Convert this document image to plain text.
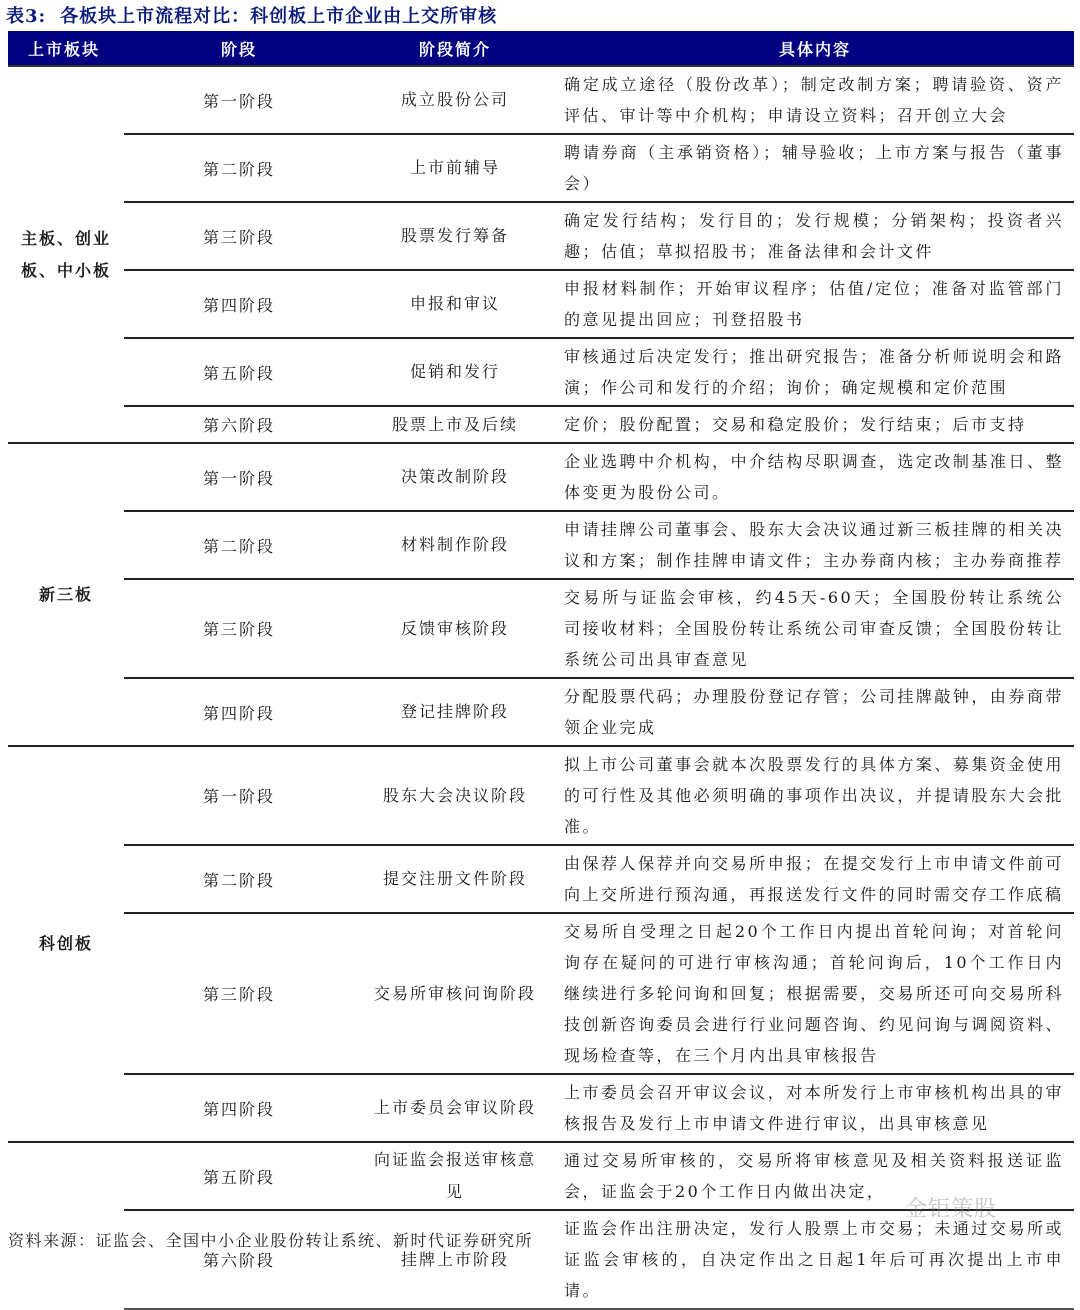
表3: 各板块上市流程对比：科创板上市企业由上交所审核
上市板块	阶段	阶段简介	具体内容
主板、创业板、中小板	第一阶段	成立股份公司	确定成立途径（股份改革）；制定改制方案；聘请验资、资产评估、审计等中介机构；申请设立资料；召开创立大会
	第二阶段	上市前辅导	聘请券商（主承销资格）；辅导验收；上市方案与报告（董事会）
	第三阶段	股票发行筹备	确定发行结构；发行目的；发行规模；分销架构；投资者兴趣；估值；草拟招股书；准备法律和会计文件
	第四阶段	申报和审议	申报材料制作；开始审议程序；估值/定位；准备对监管部门的意见提出回应；刊登招股书
	第五阶段	促销和发行	审核通过后决定发行；推出研究报告；准备分析师说明会和路演；作公司和发行的介绍；询价；确定规模和定价范围
	第六阶段	股票上市及后续	定价；股份配置；交易和稳定股价；发行结束；后市支持
新三板	第一阶段	决策改制阶段	企业选聘中介机构，中介结构尽职调查，选定改制基准日、整体变更为股份公司。
	第二阶段	材料制作阶段	申请挂牌公司董事会、股东大会决议通过新三板挂牌的相关决议和方案；制作挂牌申请文件；主办券商内核；主办券商推荐
	第三阶段	反馈审核阶段	交易所与证监会审核，约45天-60天；全国股份转让系统公司接收材料；全国股份转让系统公司审查反馈；全国股份转让系统公司出具审查意见
	第四阶段	登记挂牌阶段	分配股票代码；办理股份登记存管；公司挂牌敲钟，由券商带领企业完成
科创板	第一阶段	股东大会决议阶段	拟上市公司董事会就本次股票发行的具体方案、募集资金使用的可行性及其他必须明确的事项作出决议，并提请股东大会批准。
	第二阶段	提交注册文件阶段	由保荐人保荐并向交易所申报；在提交发行上市申请文件前可向上交所进行预沟通，再报送发行文件的同时需交存工作底稿
	第三阶段	交易所审核问询阶段	交易所自受理之日起20个工作日内提出首轮问询；对首轮问询存在疑问的可进行审核沟通；首轮问询后，10个工作日内继续进行多轮问询和回复；根据需要，交易所还可向交易所科技创新咨询委员会进行行业问题咨询、约见问询与调阅资料、现场检查等，在三个月内出具审核报告
	第四阶段	上市委员会审议阶段	上市委员会召开审议会议，对本所发行上市审核机构出具的审核报告及发行上市申请文件进行审议，出具审核意见
	第五阶段	向证监会报送审核意见	通过交易所审核的，交易所将审核意见及相关资料报送证监会，证监会于20个工作日内做出决定，
	第六阶段	挂牌上市阶段	证监会作出注册决定，发行人股票上市交易；未通过交易所或证监会审核的，自决定作出之日起1年后可再次提出上市申请。
金钜策股
资料来源：证监会、全国中小企业股份转让系统、新时代证券研究所
